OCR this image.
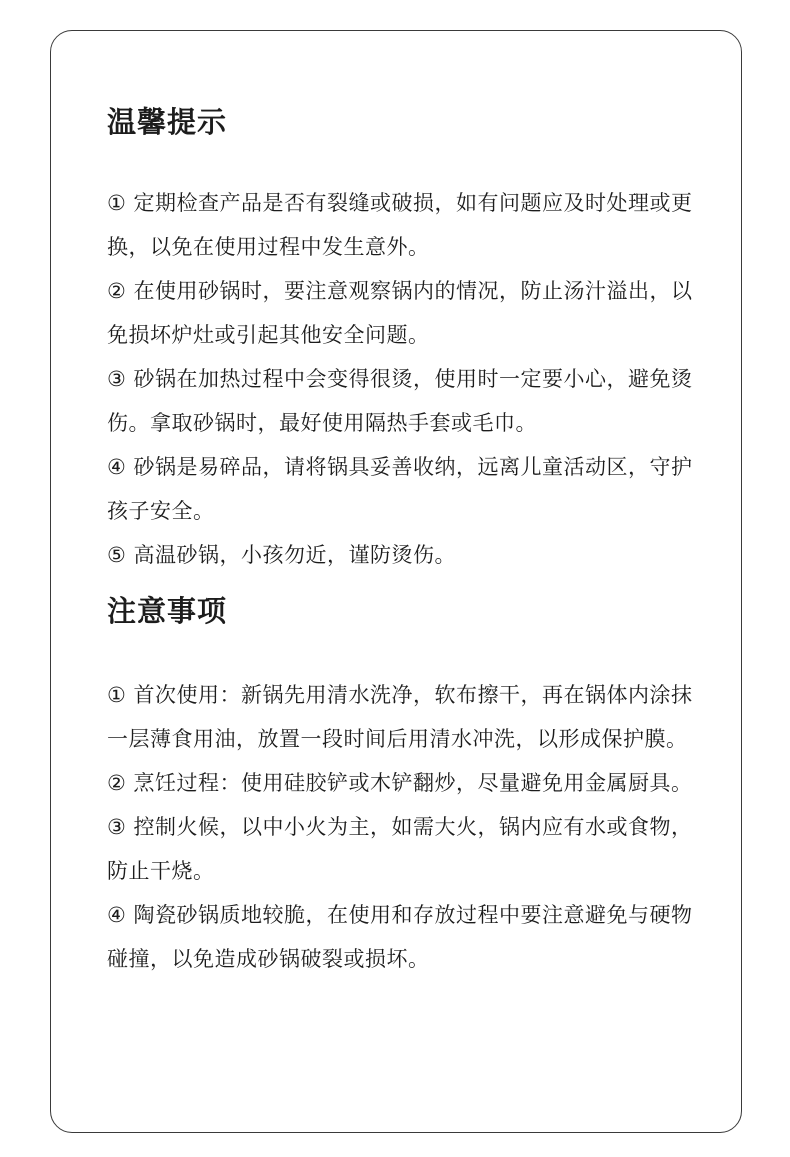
温馨提示

① 定期检查产品是否有裂缝或破损，如有问题应及时处理或更换，以免在使用过程中发生意外。

② 在使用砂锅时，要注意观察锅内的情况，防止汤汁溢出，以免损坏炉灶或引起其他安全问题。

③ 砂锅在加热过程中会变得很烫，使用时一定要小心，避免烫伤。拿取砂锅时，最好使用隔热手套或毛巾。

④ 砂锅是易碎品，请将锅具妥善收纳，远离儿童活动区，守护孩子安全。

⑤ 高温砂锅，小孩勿近，谨防烫伤。

注意事项

① 首次使用：新锅先用清水洗净，软布擦干，再在锅体内涂抹一层薄食用油，放置一段时间后用清水冲洗，以形成保护膜。

② 烹饪过程：使用硅胶铲或木铲翻炒，尽量避免用金属厨具。

③ 控制火候，以中小火为主，如需大火，锅内应有水或食物，防止干烧。

④ 陶瓷砂锅质地较脆，在使用和存放过程中要注意避免与硬物碰撞，以免造成砂锅破裂或损坏。
